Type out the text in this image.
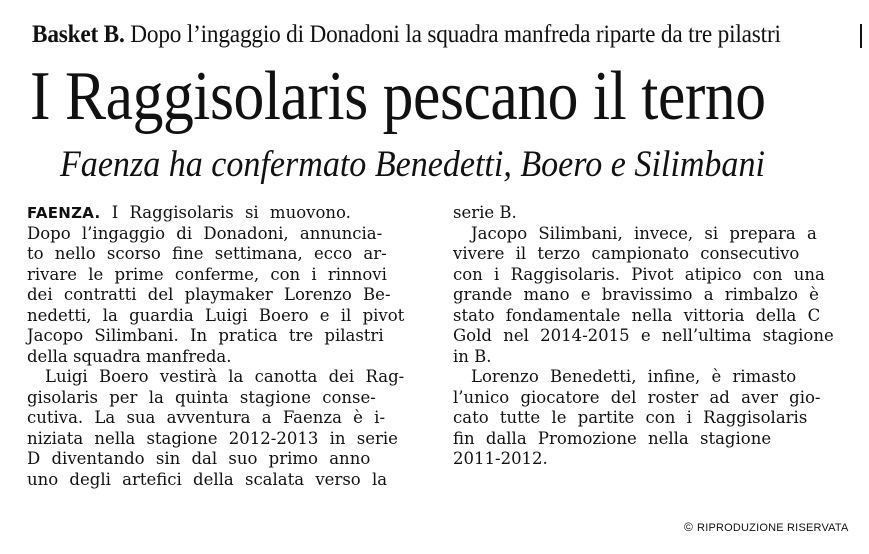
Basket B. Dopo l’ingaggio di Donadoni la squadra manfreda riparte da tre pilastri
I Raggisolaris pescano il terno
Faenza ha confermato Benedetti, Boero e Silimbani
FAENZA. I Raggisolaris si muovono.
Dopo l’ingaggio di Donadoni, annuncia-
to nello scorso fine settimana, ecco ar-
rivare le prime conferme, con i rinnovi
dei contratti del playmaker Lorenzo Be-
nedetti, la guardia Luigi Boero e il pivot
Jacopo Silimbani. In pratica tre pilastri
della squadra manfreda.
Luigi Boero vestirà la canotta dei Rag-
gisolaris per la quinta stagione conse-
cutiva. La sua avventura a Faenza è i-
niziata nella stagione 2012-2013 in serie
D diventando sin dal suo primo anno
uno degli artefici della scalata verso la
serie B.
Jacopo Silimbani, invece, si prepara a
vivere il terzo campionato consecutivo
con i Raggisolaris. Pivot atipico con una
grande mano e bravissimo a rimbalzo è
stato fondamentale nella vittoria della C
Gold nel 2014-2015 e nell’ultima stagione
in B.
Lorenzo Benedetti, infine, è rimasto
l’unico giocatore del roster ad aver gio-
cato tutte le partite con i Raggisolaris
fin dalla Promozione nella stagione
2011-2012.
© RIPRODUZIONE RISERVATA
